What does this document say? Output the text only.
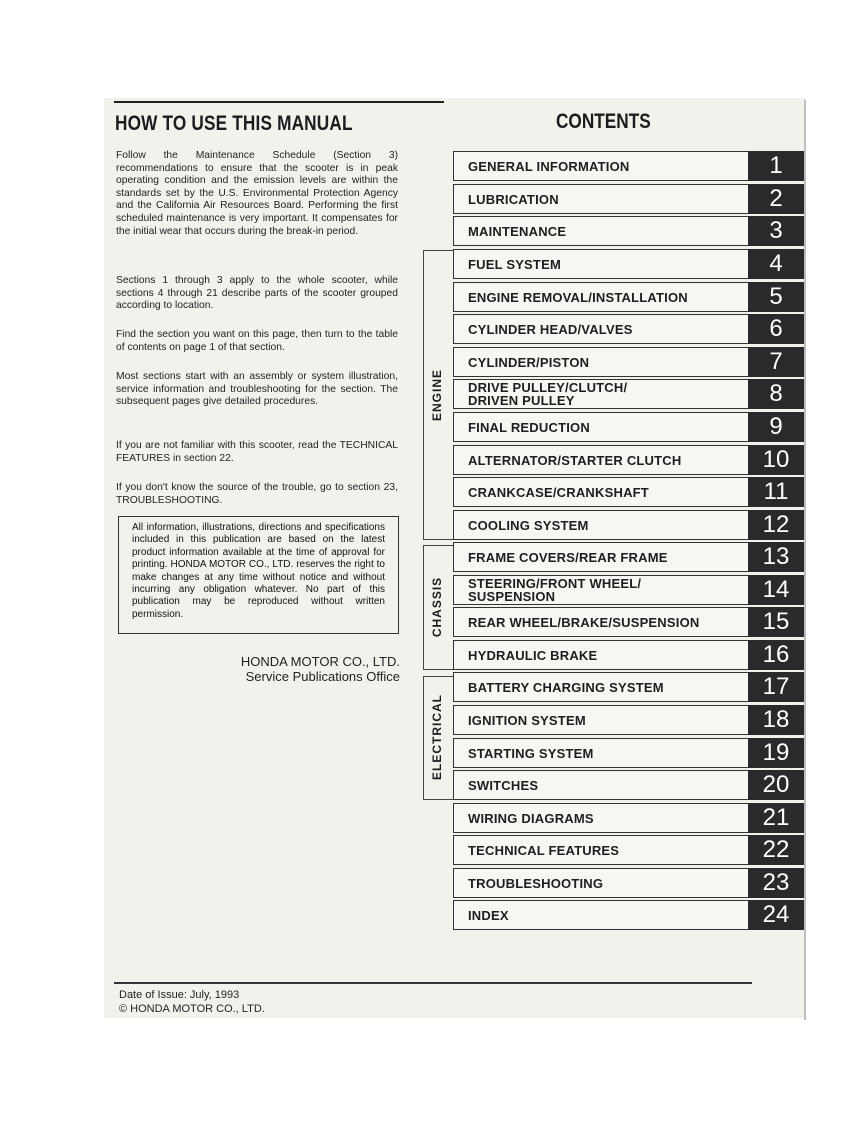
HOW TO USE THIS MANUAL	CONTENTS
Follow the Maintenance Schedule (Section 3) recommendations to ensure that the scooter is in peak operating condition and the emission levels are within the standards set by the U.S. Environmental Protection Agency and the California Air Resources Board. Performing the first scheduled maintenance is very important. It compensates for the initial wear that occurs during the break-in period.
Sections 1 through 3 apply to the whole scooter, while sections 4 through 21 describe parts of the scooter grouped according to location.
Find the section you want on this page, then turn to the table of contents on page 1 of that section.
Most sections start with an assembly or system illustration, service information and troubleshooting for the section. The subsequent pages give detailed procedures.
If you are not familiar with this scooter, read the TECHNICAL FEATURES in section 22.
If you don't know the source of the trouble, go to section 23, TROUBLESHOOTING.
All information, illustrations, directions and specifications included in this publication are based on the latest product information available at the time of approval for printing. HONDA MOTOR CO., LTD. reserves the right to make changes at any time without notice and without incurring any obligation whatever. No part of this publication may be reproduced without written permission.
HONDA MOTOR CO., LTD.
Service Publications Office
ENGINE
CHASSIS
ELECTRICAL
GENERAL INFORMATION	1
LUBRICATION	2
MAINTENANCE	3
FUEL SYSTEM	4
ENGINE REMOVAL/INSTALLATION	5
CYLINDER HEAD/VALVES	6
CYLINDER/PISTON	7
DRIVE PULLEY/CLUTCH/
DRIVEN PULLEY	8
FINAL REDUCTION	9
ALTERNATOR/STARTER CLUTCH	10
CRANKCASE/CRANKSHAFT	11
COOLING SYSTEM	12
FRAME COVERS/REAR FRAME	13
STEERING/FRONT WHEEL/
SUSPENSION	14
REAR WHEEL/BRAKE/SUSPENSION	15
HYDRAULIC BRAKE	16
BATTERY CHARGING SYSTEM	17
IGNITION SYSTEM	18
STARTING SYSTEM	19
SWITCHES	20
WIRING DIAGRAMS	21
TECHNICAL FEATURES	22
TROUBLESHOOTING	23
INDEX	24
Date of Issue: July, 1993
© HONDA MOTOR CO., LTD.
